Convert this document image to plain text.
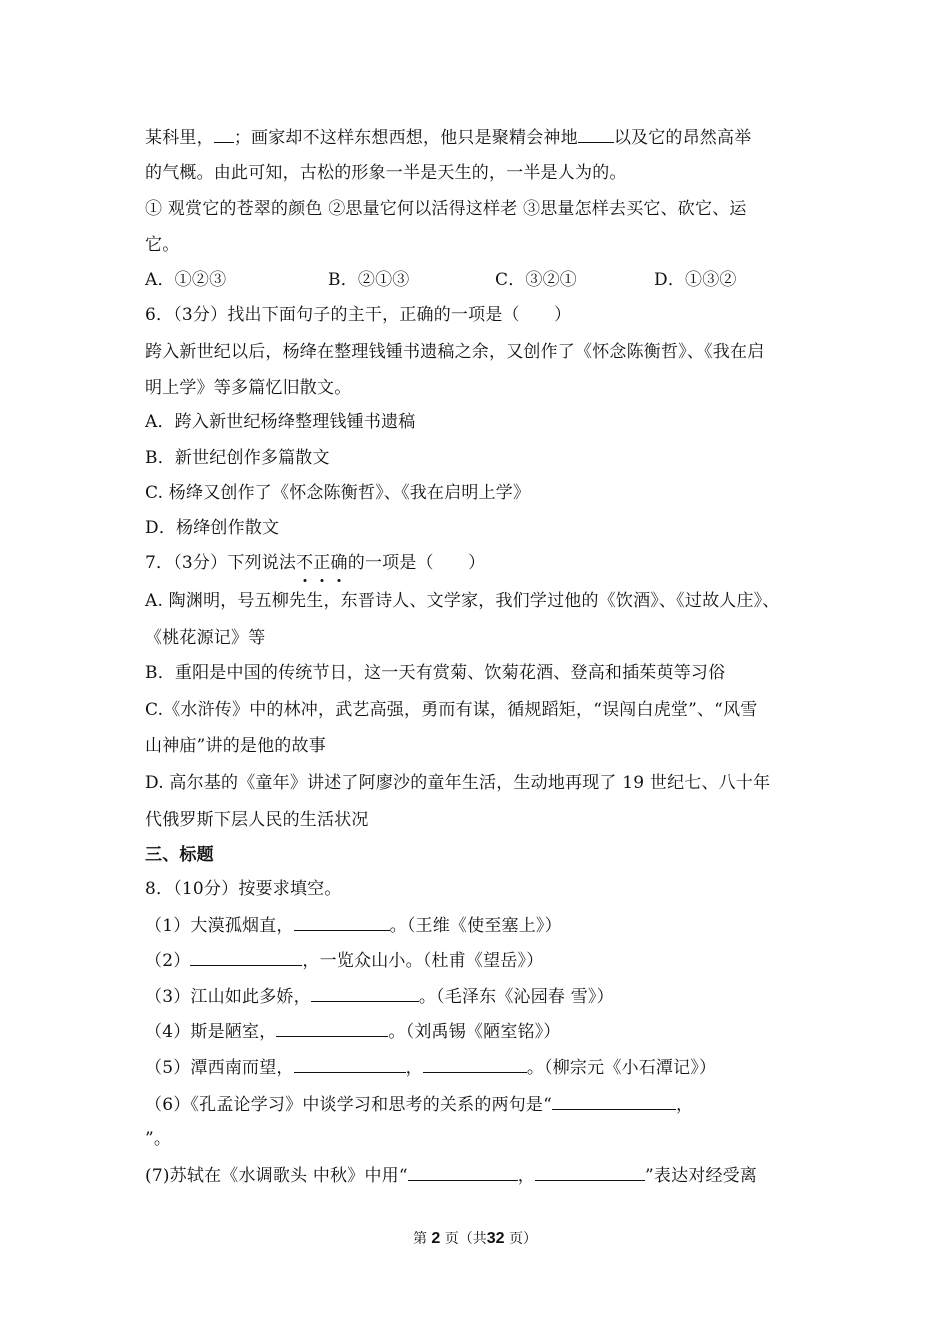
某科里， ；画家却不这样东想西想，他只是聚精会神地 以及它的昂然高举
的气概。由此可知，古松的形象一半是天生的，一半是人为的。
① 观赏它的苍翠的颜色 ②思量它何以活得这样老 ③思量怎样去买它、砍它、运
它。
A．①②③	B．②①③	C．③②①	D．①③②
6．（3分）找出下面句子的主干，正确的一项是（　　）
跨入新世纪以后，杨绛在整理钱锺书遗稿之余，又创作了《怀念陈衡哲》、《我在启
明上学》等多篇忆旧散文。
A．跨入新世纪杨绛整理钱锺书遗稿
B．新世纪创作多篇散文
C. 杨绛又创作了《怀念陈衡哲》、《我在启明上学》
D．杨绛创作散文
7．（3分）下列说法不正确的一项是（　　）
A. 陶渊明，号五柳先生，东晋诗人、文学家，我们学过他的《饮酒》、《过故人庄》、
《桃花源记》等
B．重阳是中国的传统节日，这一天有赏菊、饮菊花酒、登高和插茱萸等习俗
C.《水浒传》中的林冲，武艺高强，勇而有谋，循规蹈矩，“误闯白虎堂”、“风雪
山神庙”讲的是他的故事
D. 高尔基的《童年》讲述了阿廖沙的童年生活，生动地再现了 19 世纪七、八十年
代俄罗斯下层人民的生活状况
三、标题
8．（10分）按要求填空。
（1）大漠孤烟直，	。（王维《使至塞上》）
（2）	，一览众山小。（杜甫《望岳》）
（3）江山如此多娇，	。（毛泽东《沁园春 雪》）
（4）斯是陋室，	。（刘禹锡《陋室铭》）
（5）潭西南而望，	，	。（柳宗元《小石潭记》）
（6）《孔孟论学习》中谈学习和思考的关系的两句是“	，
”。
(7)苏轼在《水调歌头 中秋》中用“	，	”表达对经受离
第 2 页（共32 页）
